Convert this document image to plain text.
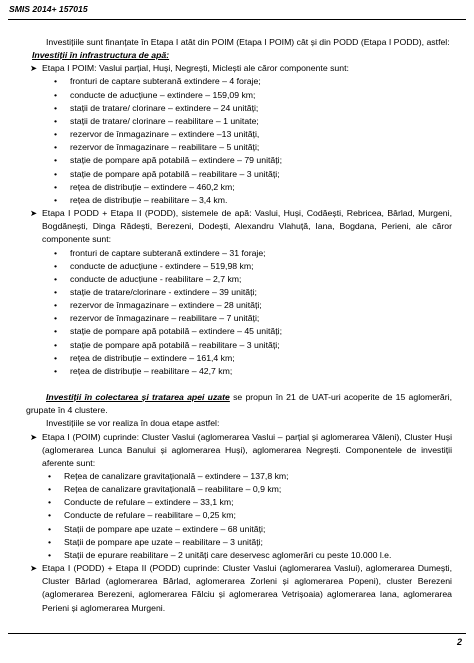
SMIS 2014+ 157015

Investițiile sunt finanțate în Etapa I atât din POIM (Etapa I POIM) cât și din PODD (Etapa I PODD), astfel:

Investiții în infrastructura de apă:

➤ Etapa I POIM: Vaslui parțial, Huși, Negrești, Miclești ale căror componente sunt:
• fronturi de captare subterană extindere – 4 foraje;
• conducte de aducțiune – extindere – 159,09 km;
• stații de tratare/ clorinare – extindere – 24 unități;
• stații de tratare/ clorinare – reabilitare – 1 unitate;
• rezervor de înmagazinare – extindere –13 unități,
• rezervor de înmagazinare – reabilitare – 5 unități;
• stație de pompare apă potabilă – extindere – 79 unități;
• stație de pompare apă potabilă – reabilitare – 3 unități;
• rețea de distribuție – extindere – 460,2 km;
• rețea de distribuție – reabilitare – 3,4 km.
➤ Etapa I PODD + Etapa II (PODD), sistemele de apă: Vaslui, Huși, Codăești, Rebricea, Bârlad, Murgeni, Bogdănești, Dinga Rădești, Berezeni, Dodești, Alexandru Vlahuță, Iana, Bogdana, Perieni, ale căror componente sunt:
• fronturi de captare subterană extindere – 31 foraje;
• conducte de aducțiune - extindere – 519,98 km;
• conducte de aducțiune - reabilitare – 2,7 km;
• stație de tratare/clorinare - extindere – 39 unități;
• rezervor de înmagazinare – extindere – 28 unități;
• rezervor de înmagazinare – reabilitare – 7 unități;
• stație de pompare apă potabilă – extindere – 45 unități;
• stație de pompare apă potabilă – reabilitare – 3 unități;
• rețea de distribuție – extindere – 161,4 km;
• rețea de distribuție – reabilitare – 42,7 km;

Investiții în colectarea și tratarea apei uzate se propun în 21 de UAT-uri acoperite de 15 aglomerări, grupate în 4 clustere.

Investițiile se vor realiza în doua etape astfel:

➤ Etapa I (POIM) cuprinde: Cluster Vaslui (aglomerarea Vaslui – parțial și aglomerarea Văleni), Cluster Huși (aglomerarea Lunca Banului și aglomerarea Huși), aglomerarea Negrești. Componentele de investiții aferente sunt:
• Rețea de canalizare gravitațională – extindere – 137,8 km;
• Rețea de canalizare gravitațională – reabilitare – 0,9 km;
• Conducte de refulare – extindere – 33,1 km;
• Conducte de refulare – reabilitare – 0,25 km;
• Stații de pompare ape uzate – extindere – 68 unități;
• Stații de pompare ape uzate – reabilitare – 3 unități;
• Stații de epurare reabilitare – 2 unități care deservesc aglomerări cu peste 10.000 l.e.
➤ Etapa I (PODD) + Etapa II (PODD) cuprinde: Cluster Vaslui (aglomerarea Vaslui), aglomerarea Dumești, Cluster Bârlad (aglomerarea Bârlad, aglomerarea Zorleni și aglomerarea Popeni), cluster Berezeni (aglomerarea Berezeni, aglomerarea Fălciu și aglomerarea Vetrișoaia) aglomerarea Iana, aglomerarea Perieni și aglomerarea Murgeni.
2
